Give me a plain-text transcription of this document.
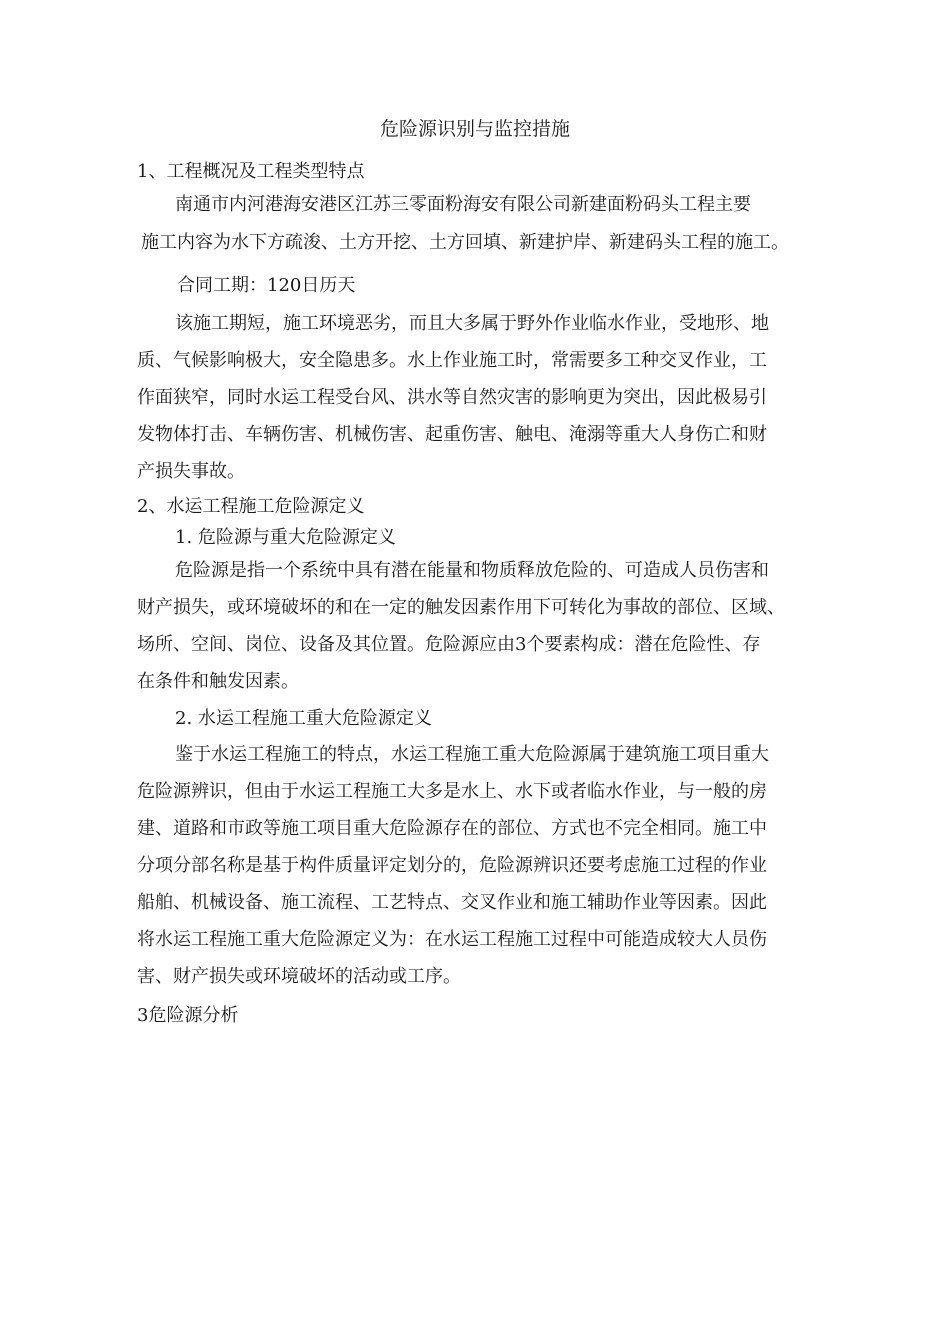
危险源识别与监控措施
1、工程概况及工程类型特点
南通市内河港海安港区江苏三零面粉海安有限公司新建面粉码头工程主要
施工内容为水下方疏浚、土方开挖、土方回填、新建护岸、新建码头工程的施工。
合同工期：120日历天
该施工期短，施工环境恶劣，而且大多属于野外作业临水作业，受地形、地
质、气候影响极大，安全隐患多。水上作业施工时，常需要多工种交叉作业，工
作面狭窄，同时水运工程受台风、洪水等自然灾害的影响更为突出，因此极易引
发物体打击、车辆伤害、机械伤害、起重伤害、触电、淹溺等重大人身伤亡和财
产损失事故。
2、水运工程施工危险源定义
1. 危险源与重大危险源定义
危险源是指一个系统中具有潜在能量和物质释放危险的、可造成人员伤害和
财产损失，或环境破坏的和在一定的触发因素作用下可转化为事故的部位、区域、
场所、空间、岗位、设备及其位置。危险源应由3个要素构成：潜在危险性、存
在条件和触发因素。
2. 水运工程施工重大危险源定义
鉴于水运工程施工的特点，水运工程施工重大危险源属于建筑施工项目重大
危险源辨识，但由于水运工程施工大多是水上、水下或者临水作业，与一般的房
建、道路和市政等施工项目重大危险源存在的部位、方式也不完全相同。施工中
分项分部名称是基于构件质量评定划分的，危险源辨识还要考虑施工过程的作业
船舶、机械设备、施工流程、工艺特点、交叉作业和施工辅助作业等因素。因此
将水运工程施工重大危险源定义为：在水运工程施工过程中可能造成较大人员伤
害、财产损失或环境破坏的活动或工序。
3危险源分析
